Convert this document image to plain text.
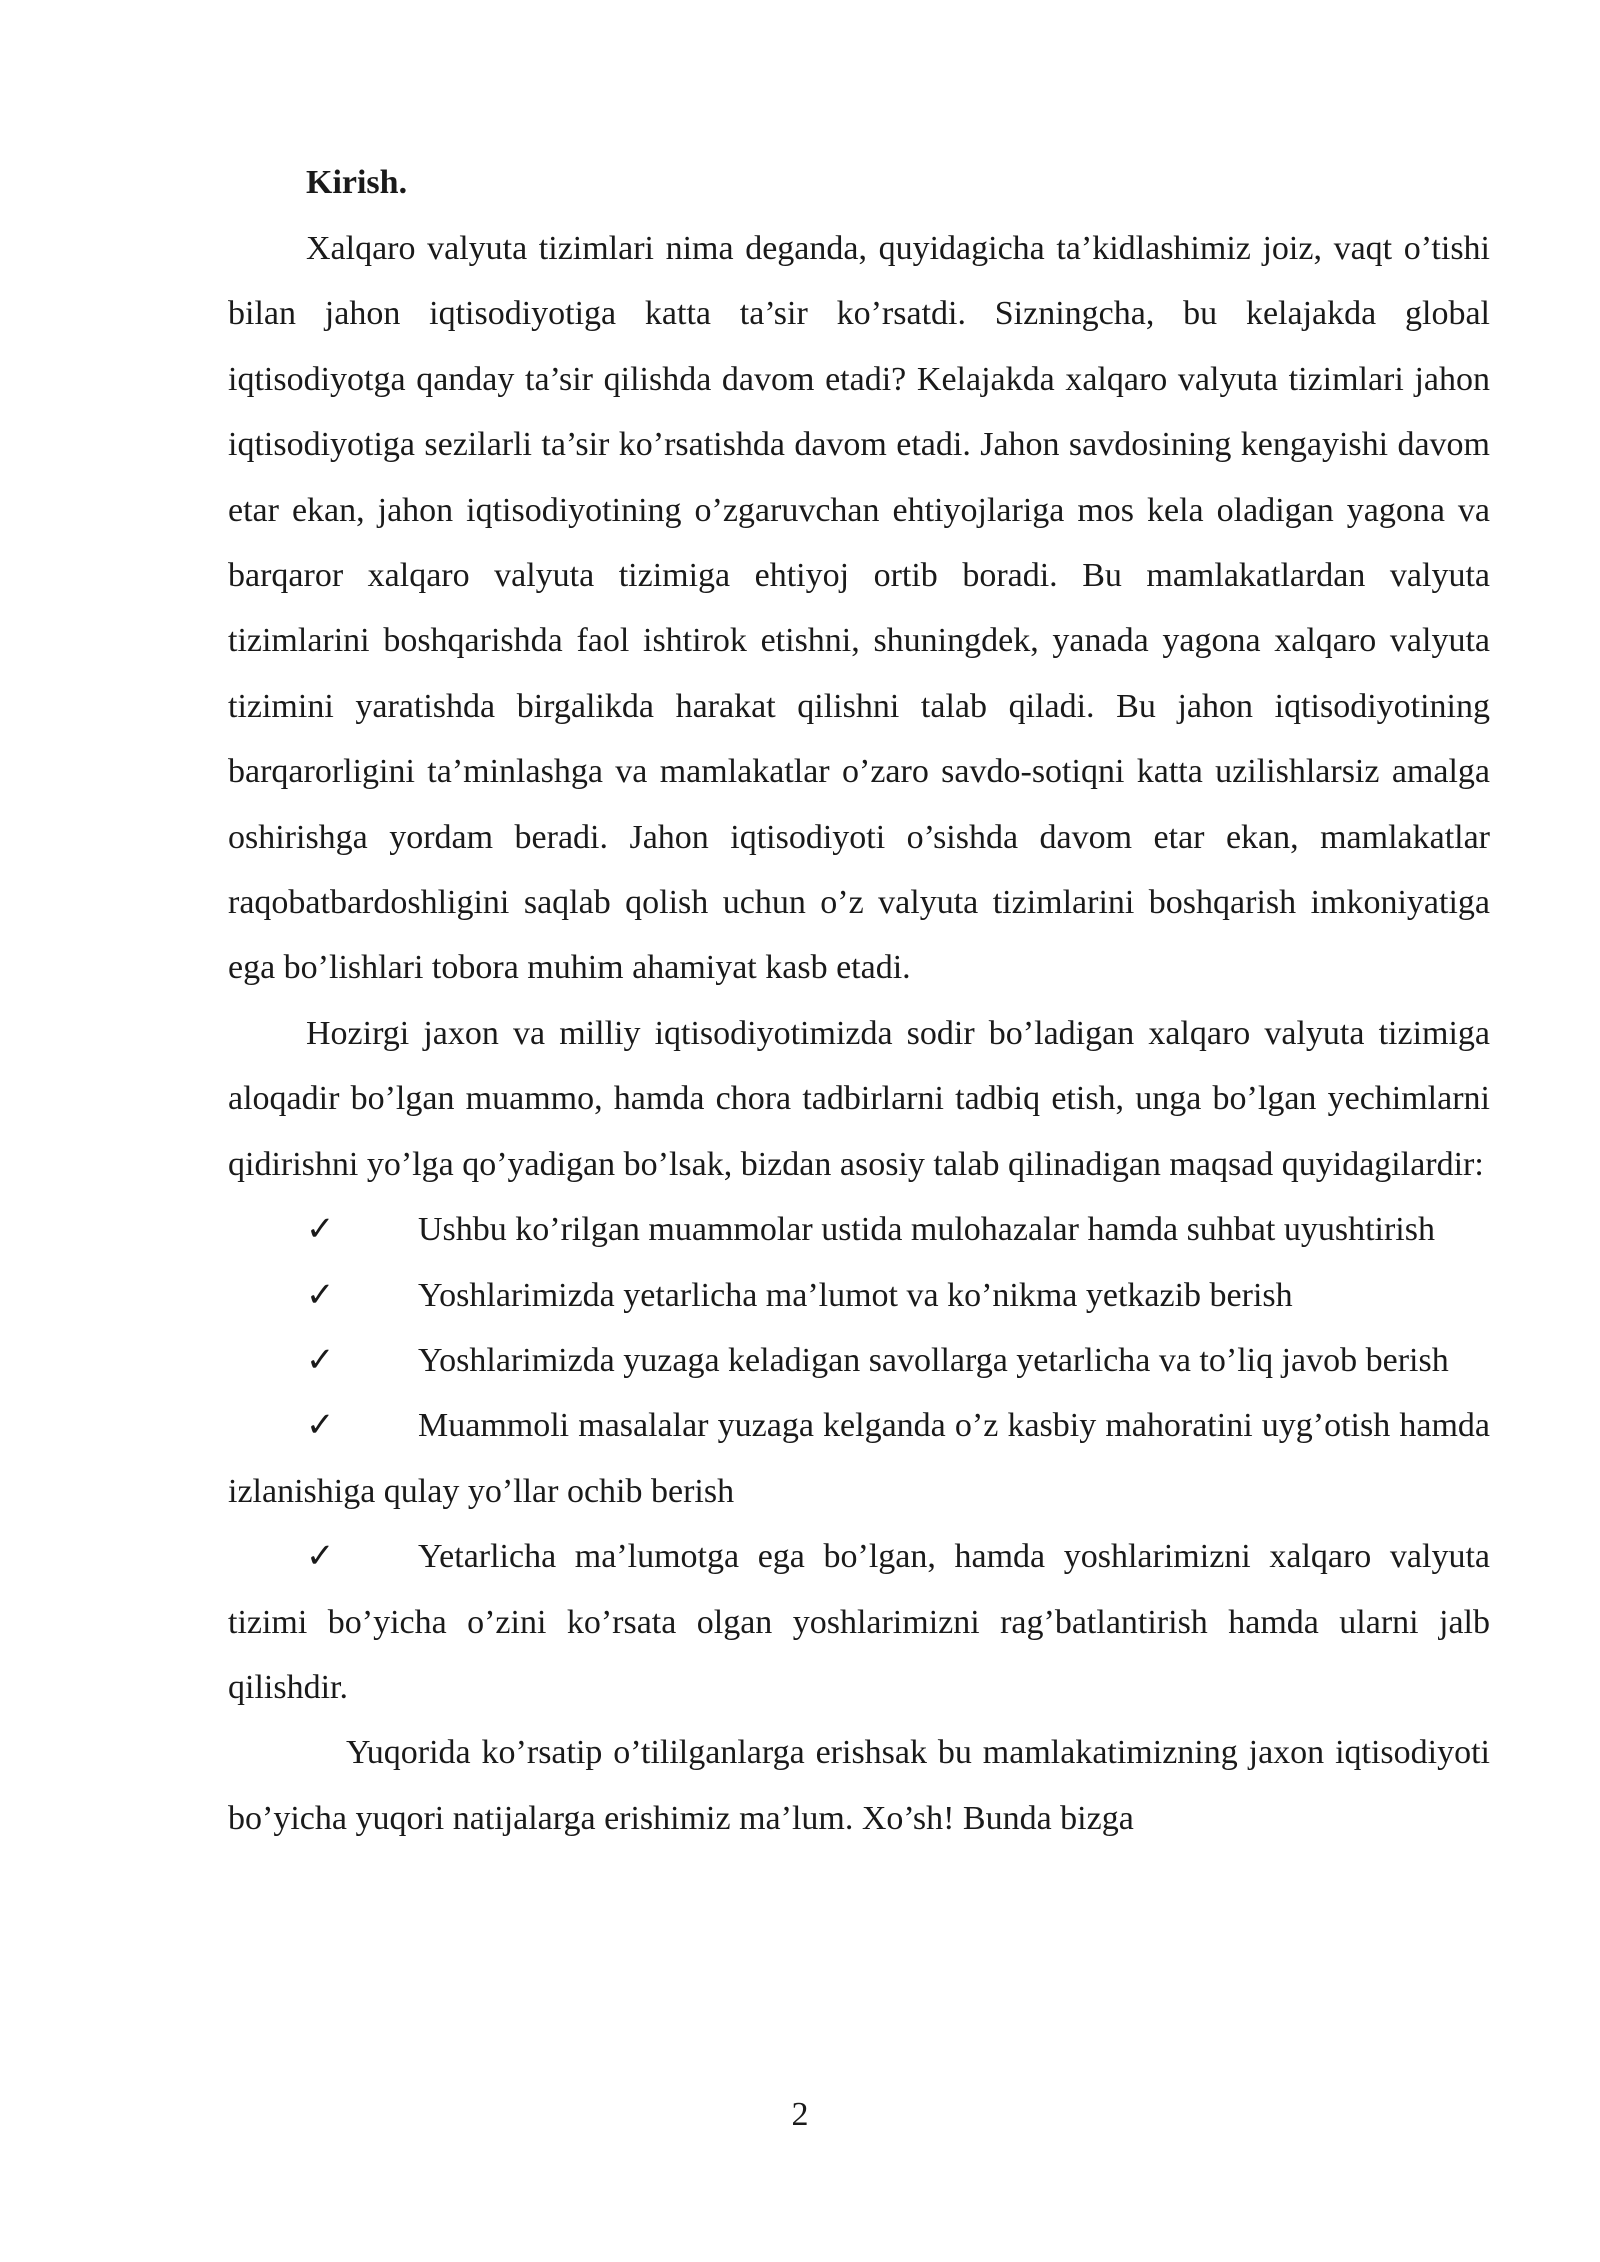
Kirish.

Xalqaro valyuta tizimlari nima deganda, quyidagicha ta’kidlashimiz joiz, vaqt o’tishi bilan jahon iqtisodiyotiga katta ta’sir ko’rsatdi. Sizningcha, bu kelajakda global iqtisodiyotga qanday ta’sir qilishda davom etadi? Kelajakda xalqaro valyuta tizimlari jahon iqtisodiyotiga sezilarli ta’sir ko’rsatishda davom etadi. Jahon savdosining kengayishi davom etar ekan, jahon iqtisodiyotining o’zgaruvchan ehtiyojlariga mos kela oladigan yagona va barqaror xalqaro valyuta tizimiga ehtiyoj ortib boradi. Bu mamlakatlardan valyuta tizimlarini boshqarishda faol ishtirok etishni, shuningdek, yanada yagona xalqaro valyuta tizimini yaratishda birgalikda harakat qilishni talab qiladi. Bu jahon iqtisodiyotining barqarorligini ta’minlashga va mamlakatlar o’zaro savdo-sotiqni katta uzilishlarsiz amalga oshirishga yordam beradi. Jahon iqtisodiyoti o’sishda davom etar ekan, mamlakatlar raqobatbardoshligini saqlab qolish uchun o’z valyuta tizimlarini boshqarish imkoniyatiga ega bo’lishlari tobora muhim ahamiyat kasb etadi.

Hozirgi jaxon va milliy iqtisodiyotimizda sodir bo’ladigan xalqaro valyuta tizimiga aloqadir bo’lgan muammo, hamda chora tadbirlarni tadbiq etish, unga bo’lgan yechimlarni qidirishni yo’lga qo’yadigan bo’lsak, bizdan asosiy talab qilinadigan maqsad quyidagilardir:

✓ Ushbu ko’rilgan muammolar ustida mulohazalar hamda suhbat uyushtirish

✓ Yoshlarimizda yetarlicha ma’lumot va ko’nikma yetkazib berish

✓ Yoshlarimizda yuzaga keladigan savollarga yetarlicha va to’liq javob berish

✓ Muammoli masalalar yuzaga kelganda o’z kasbiy mahoratini uyg’otish hamda izlanishiga qulay yo’llar ochib berish

✓ Yetarlicha ma’lumotga ega bo’lgan, hamda yoshlarimizni xalqaro valyuta tizimi bo’yicha o’zini ko’rsata olgan yoshlarimizni rag’batlantirish hamda ularni jalb qilishdir.

Yuqorida ko’rsatip o’tililganlarga erishsak bu mamlakatimizning jaxon iqtisodiyoti bo’yicha yuqori natijalarga erishimiz ma’lum. Xo’sh! Bunda bizga

2
